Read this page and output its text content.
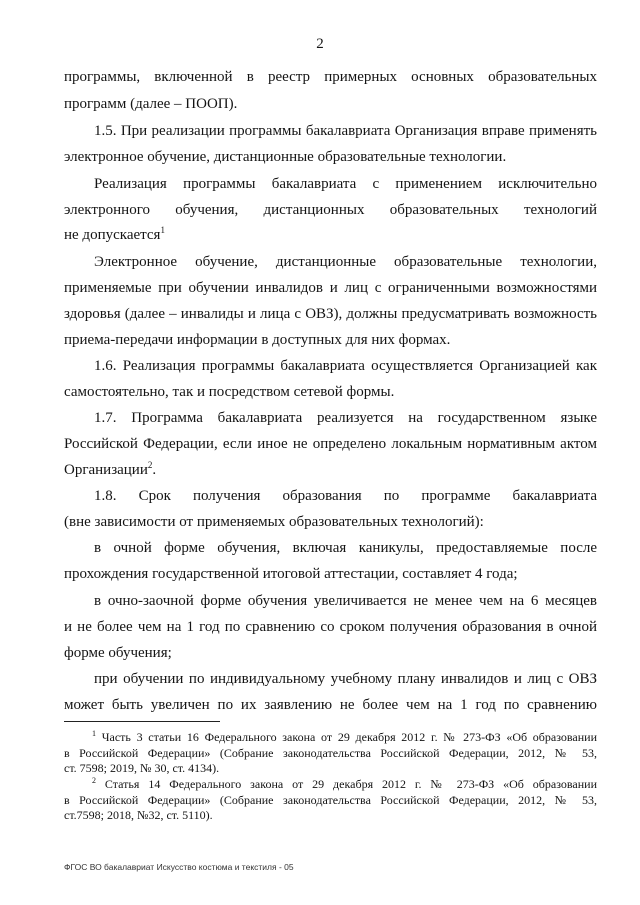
2
программы, включенной в реестр примерных основных образовательных
программ (далее – ПООП).
1.5. При реализации программы бакалавриата Организация вправе применять
электронное обучение, дистанционные образовательные технологии.
Реализация программы бакалавриата с применением исключительно
электронного обучения, дистанционных образовательных технологий
не допускается$^1$
Электронное обучение, дистанционные образовательные технологии,
применяемые при обучении инвалидов и лиц с ограниченными возможностями
здоровья (далее – инвалиды и лица с ОВЗ), должны предусматривать возможность
приема-передачи информации в доступных для них формах.
1.6. Реализация программы бакалавриата осуществляется Организацией как
самостоятельно, так и посредством сетевой формы.
1.7. Программа бакалавриата реализуется на государственном языке
Российской Федерации, если иное не определено локальным нормативным актом
Организации$^2$.
1.8. Срок получения образования по программе бакалавриата
(вне зависимости от применяемых образовательных технологий):
в очной форме обучения, включая каникулы, предоставляемые после
прохождения государственной итоговой аттестации, составляет 4 года;
в очно-заочной форме обучения увеличивается не менее чем на 6 месяцев
и не более чем на 1 год по сравнению со сроком получения образования в очной
форме обучения;
при обучении по индивидуальному учебному плану инвалидов и лиц с ОВЗ
может быть увеличен по их заявлению не более чем на 1 год по сравнению
$^1$ Часть 3 статьи 16 Федерального закона от 29 декабря 2012 г. № 273-ФЗ «Об образовании
в Российской Федерации» (Собрание законодательства Российской Федерации, 2012, № 53,
ст. 7598; 2019, № 30, ст. 4134).
$^2$ Статья 14 Федерального закона от 29 декабря 2012 г. № 273-ФЗ «Об образовании
в Российской Федерации» (Собрание законодательства Российской Федерации, 2012, № 53,
ст.7598; 2018, №32, ст. 5110).
ФГОС ВО бакалавриат Искусство костюма и текстиля - 05
